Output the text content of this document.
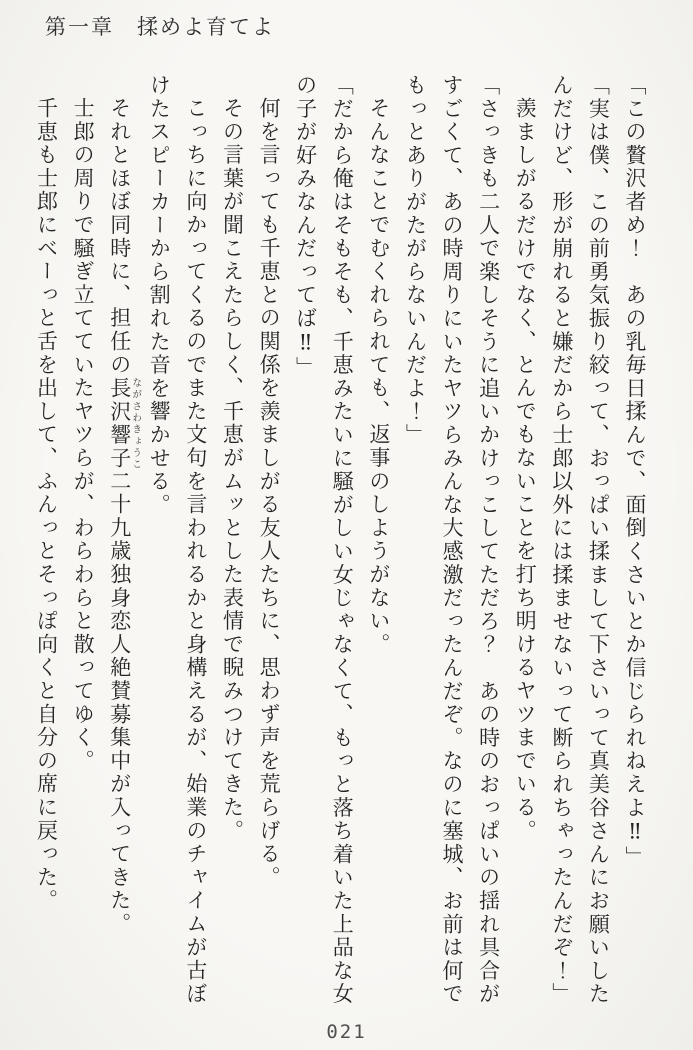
第一章　揉めよ育てよ

「この贅沢者め！　あの乳毎日揉んで、面倒くさいとか信じられねえよ‼」

「実は僕、この前勇気振り絞って、おっぱい揉まして下さいって真美谷さんにお願いしたんだけど、形が崩れると嫌だから士郎以外には揉ませないって断られちゃったんだぞ！」

羨ましがるだけでなく、とんでもないことを打ち明けるヤツまでいる。

「さっきも二人で楽しそうに追いかけっこしてただろ？　あの時のおっぱいの揺れ具合がすごくて、あの時周りにいたヤツらみんな大感激だったんだぞ。なのに塞城、お前は何でもっとありがたがらないんだよ！」

そんなことでむくれられても、返事のしようがない。

「だから俺はそもそも、千恵みたいに騒がしい女じゃなくて、もっと落ち着いた上品な女の子が好みなんだってば‼」

何を言っても千恵との関係を羨ましがる友人たちに、思わず声を荒らげる。

その言葉が聞こえたらしく、千恵がムッとした表情で睨みつけてきた。

こっちに向かってくるのでまた文句を言われるかと身構えるが、始業のチャイムが古ぼけたスピーカーから割れた音を響かせる。

それとほぼ同時に、担任の長沢響子ながさわきょうこ二十九歳独身恋人絶賛募集中が入ってきた。

士郎の周りで騒ぎ立てていたヤツらが、わらわらと散ってゆく。

千恵も士郎にベーっと舌を出して、ふんっとそっぽ向くと自分の席に戻った。

021
